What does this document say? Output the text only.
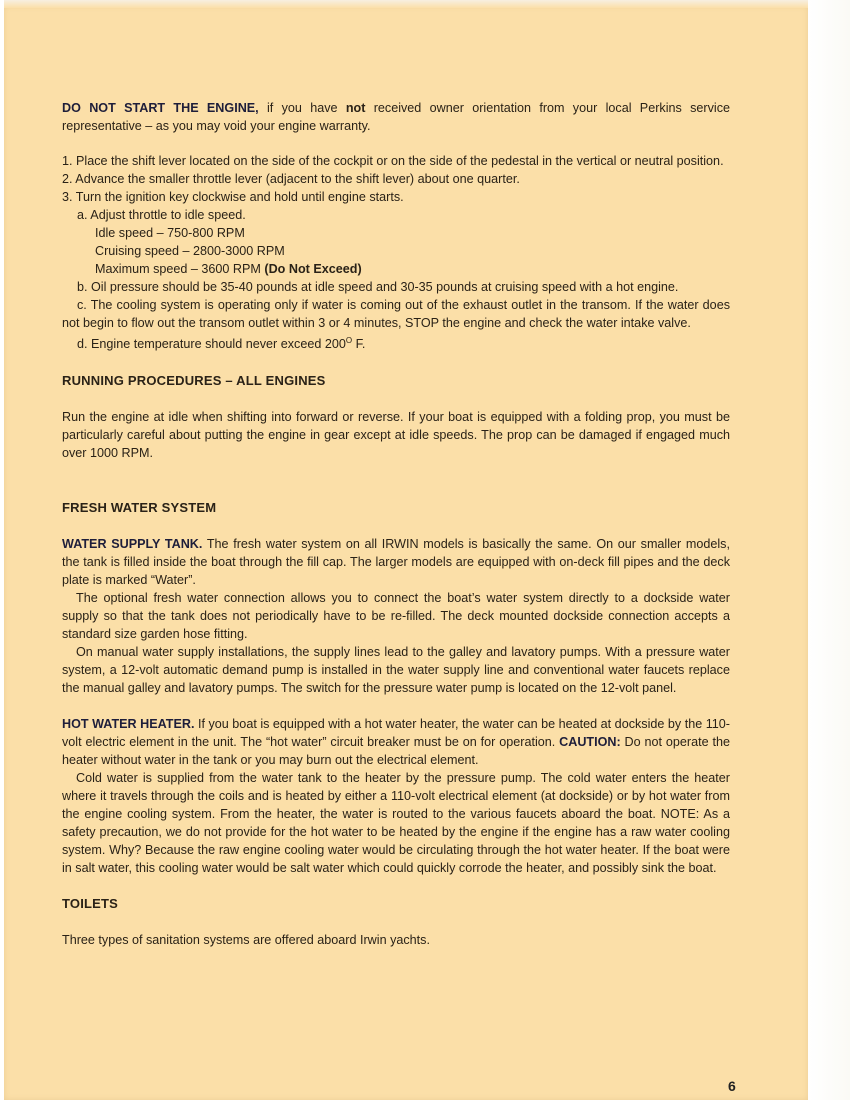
DO NOT START THE ENGINE, if you have not received owner orientation from your local Perkins service representative – as you may void your engine warranty.

1. Place the shift lever located on the side of the cockpit or on the side of the pedestal in the vertical or neutral position.

2. Advance the smaller throttle lever (adjacent to the shift lever) about one quarter.

3. Turn the ignition key clockwise and hold until engine starts.

a. Adjust throttle to idle speed.

Idle speed – 750-800 RPM

Cruising speed – 2800-3000 RPM

Maximum speed – 3600 RPM (Do Not Exceed)

b. Oil pressure should be 35-40 pounds at idle speed and 30-35 pounds at cruising speed with a hot engine.

c. The cooling system is operating only if water is coming out of the exhaust outlet in the transom. If the water does not begin to flow out the transom outlet within 3 or 4 minutes, STOP the engine and check the water intake valve.

d. Engine temperature should never exceed $200^O$ F.

RUNNING PROCEDURES – ALL ENGINES

Run the engine at idle when shifting into forward or reverse. If your boat is equipped with a folding prop, you must be particularly careful about putting the engine in gear except at idle speeds. The prop can be damaged if engaged much over 1000 RPM.

FRESH WATER SYSTEM

WATER SUPPLY TANK. The fresh water system on all IRWIN models is basically the same. On our smaller models, the tank is filled inside the boat through the fill cap. The larger models are equipped with on-deck fill pipes and the deck plate is marked “Water”.

The optional fresh water connection allows you to connect the boat’s water system directly to a dockside water supply so that the tank does not periodically have to be re-filled. The deck mounted dockside connection accepts a standard size garden hose fitting.

On manual water supply installations, the supply lines lead to the galley and lavatory pumps. With a pressure water system, a 12-volt automatic demand pump is installed in the water supply line and conventional water faucets replace the manual galley and lavatory pumps. The switch for the pressure water pump is located on the 12-volt panel.

HOT WATER HEATER. If you boat is equipped with a hot water heater, the water can be heated at dockside by the 110-volt electric element in the unit. The “hot water” circuit breaker must be on for operation. CAUTION: Do not operate the heater without water in the tank or you may burn out the electrical element.

Cold water is supplied from the water tank to the heater by the pressure pump. The cold water enters the heater where it travels through the coils and is heated by either a 110-volt electrical element (at dockside) or by hot water from the engine cooling system. From the heater, the water is routed to the various faucets aboard the boat. NOTE: As a safety precaution, we do not provide for the hot water to be heated by the engine if the engine has a raw water cooling system. Why? Because the raw engine cooling water would be circulating through the hot water heater. If the boat were in salt water, this cooling water would be salt water which could quickly corrode the heater, and possibly sink the boat.

TOILETS

Three types of sanitation systems are offered aboard Irwin yachts.

6
